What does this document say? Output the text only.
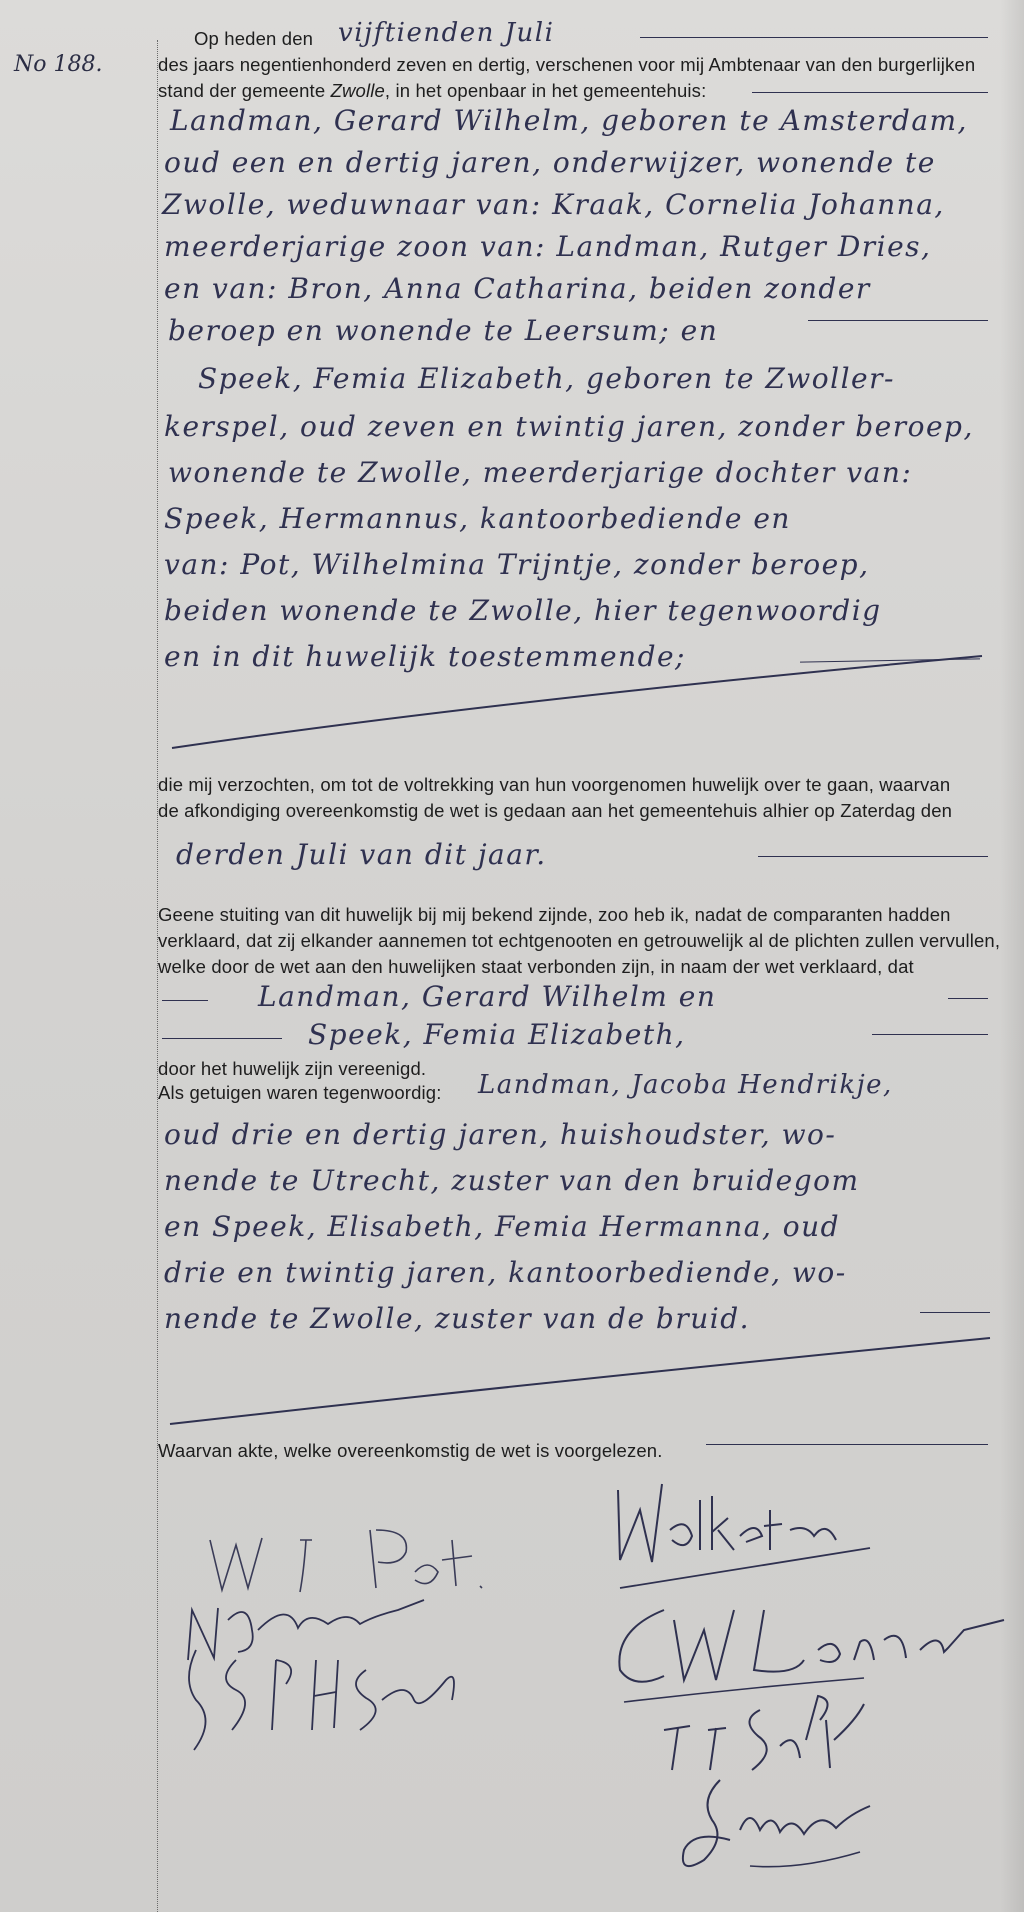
No 188.
Op heden den vijftienden Juli
des jaars negentienhonderd zeven en dertig, verschenen voor mij Ambtenaar van den burgerlijken
stand der gemeente Zwolle, in het openbaar in het gemeentehuis:
Landman, Gerard Wilhelm, geboren te Amsterdam,
oud een en dertig jaren, onderwijzer, wonende te
Zwolle, weduwnaar van: Kraak, Cornelia Johanna,
meerderjarige zoon van: Landman, Rutger Dries,
en van: Bron, Anna Catharina, beiden zonder
beroep en wonende te Leersum; en
Speek, Femia Elizabeth, geboren te Zwoller-
kerspel, oud zeven en twintig jaren, zonder beroep,
wonende te Zwolle, meerderjarige dochter van:
Speek, Hermannus, kantoorbediende en
van: Pot, Wilhelmina Trijntje, zonder beroep,
beiden wonende te Zwolle, hier tegenwoordig
en in dit huwelijk toestemmende;
die mij verzochten, om tot de voltrekking van hun voorgenomen huwelijk over te gaan, waarvan
de afkondiging overeenkomstig de wet is gedaan aan het gemeentehuis alhier op Zaterdag den
derden Juli van dit jaar.
Geene stuiting van dit huwelijk bij mij bekend zijnde, zoo heb ik, nadat de comparanten hadden
verklaard, dat zij elkander aannemen tot echtgenooten en getrouwelijk al de plichten zullen vervullen,
welke door de wet aan den huwelijken staat verbonden zijn, in naam der wet verklaard, dat
Landman, Gerard Wilhelm en
Speek, Femia Elizabeth,
door het huwelijk zijn vereenigd.
Als getuigen waren tegenwoordig: Landman, Jacoba Hendrikje,
oud drie en dertig jaren, huishoudster, wo-
nende te Utrecht, zuster van den bruidegom
en Speek, Elisabeth, Femia Hermanna, oud
drie en twintig jaren, kantoorbediende, wo-
nende te Zwolle, zuster van de bruid.
Waarvan akte, welke overeenkomstig de wet is voorgelezen.
